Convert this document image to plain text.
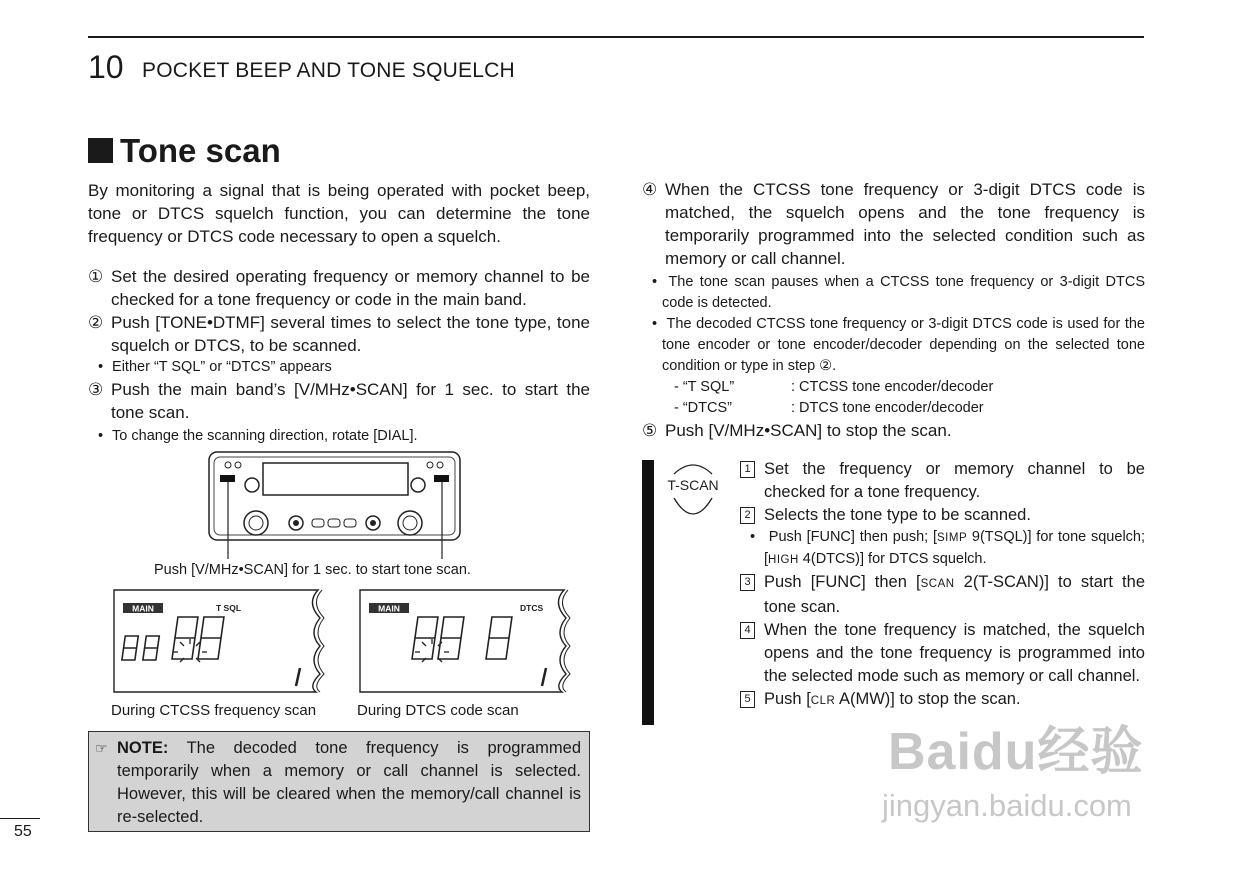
10 POCKET BEEP AND TONE SQUELCH
Tone scan

By monitoring a signal that is being operated with pocket beep, tone or DTCS squelch function, you can determine the tone frequency or DTCS code necessary to open a squelch.

① Set the desired operating frequency or memory channel to be checked for a tone frequency or code in the main band.
② Push [TONE•DTMF] several times to select the tone type, tone squelch or DTCS, to be scanned.
• Either “T SQL” or “DTCS” appears
③ Push the main band’s [V/MHz•SCAN] for 1 sec. to start the tone scan.
• To change the scanning direction, rotate [DIAL].
Push [V/MHz•SCAN] for 1 sec. to start tone scan.
MAIN	T SQL
During CTCSS frequency scan
MAIN	DTCS
During DTCS code scan
☞ NOTE: The decoded tone frequency is programmed temporarily when a memory or call channel is selected. However, this will be cleared when the memory/call channel is re-selected.
④ When the CTCSS tone frequency or 3-digit DTCS code is matched, the squelch opens and the tone frequency is temporarily programmed into the selected condition such as memory or call channel.
• The tone scan pauses when a CTCSS tone frequency or 3-digit DTCS code is detected.
• The decoded CTCSS tone frequency or 3-digit DTCS code is used for the tone encoder or tone encoder/decoder depending on the selected tone condition or type in step ②.
- “T SQL”	: CTCSS tone encoder/decoder
- “DTCS”	: DTCS tone encoder/decoder
⑤ Push [V/MHz•SCAN] to stop the scan.
T-SCAN
1 Set the frequency or memory channel to be checked for a tone frequency.
2 Selects the tone type to be scanned.
• Push [FUNC] then push; [SIMP 9(TSQL)] for tone squelch; [HIGH 4(DTCS)] for DTCS squelch.
3 Push [FUNC] then [SCAN 2(T-SCAN)] to start the tone scan.
4 When the tone frequency is matched, the squelch opens and the tone frequency is programmed into the selected mode such as memory or call channel.
5 Push [CLR A(MW)] to stop the scan.
Baidu经验
jingyan.baidu.com
55
